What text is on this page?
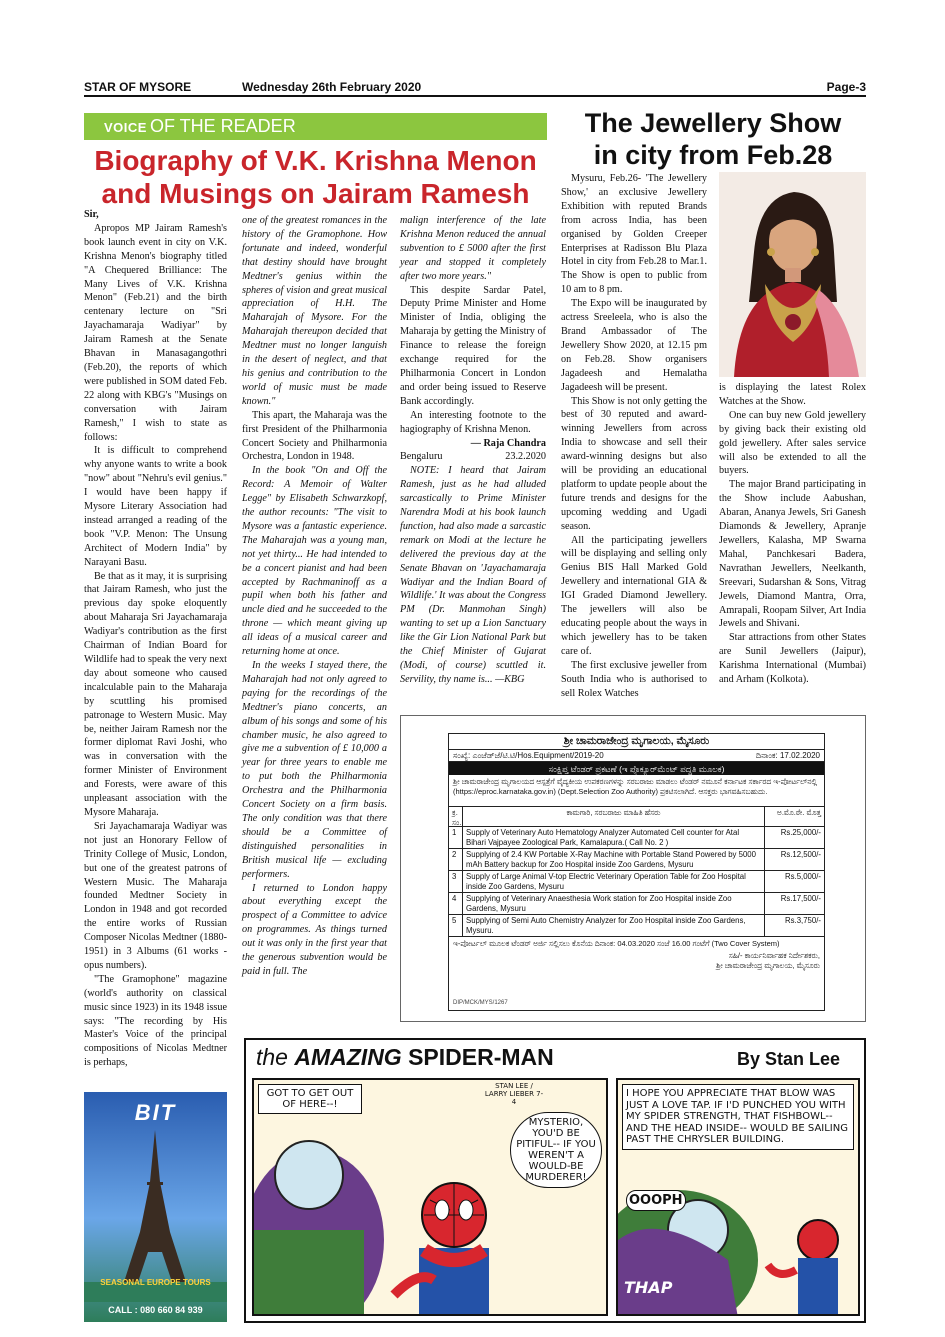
STAR OF MYSORE	Wednesday 26th February 2020	Page-3
VOICE OF THE READER
Biography of V.K. Krishna Menon
and Musings on Jairam Ramesh

Sir,

Apropos MP Jairam Ramesh's book launch event in city on V.K. Krishna Menon's biography titled "A Chequered Brilliance: The Many Lives of V.K. Krishna Menon" (Feb.21) and the birth centenary lecture on "Sri Jayachamaraja Wadiyar" by Jairam Ramesh at the Senate Bhavan in Manasagangothri (Feb.20), the reports of which were published in SOM dated Feb. 22 along with KBG's "Musings on conversation with Jairam Ramesh," I wish to state as follows:

It is difficult to comprehend why anyone wants to write a book "now" about "Nehru's evil genius." I would have been happy if Mysore Literary Association had instead arranged a reading of the book "V.P. Menon: The Unsung Architect of Modern India" by Narayani Basu.

Be that as it may, it is surprising that Jairam Ramesh, who just the previous day spoke eloquently about Maharaja Sri Jayachamaraja Wadiyar's contribution as the first Chairman of Indian Board for Wildlife had to speak the very next day about someone who caused incalculable pain to the Maharaja by scuttling his promised patronage to Western Music. May be, neither Jairam Ramesh nor the former diplomat Ravi Joshi, who was in conversation with the former Minister of Environment and Forests, were aware of this unpleasant association with the Mysore Maharaja.

Sri Jayachamaraja Wadiyar was not just an Honorary Fellow of Trinity College of Music, London, but one of the greatest patrons of Western Music. The Maharaja founded Medtner Society in London in 1948 and got recorded the entire works of Russian Composer Nicolas Medtner (1880-1951) in 3 Albums (61 works - opus numbers).

"The Gramophone" magazine (world's authority on classical music since 1923) in its 1948 issue says: "The recording by His Master's Voice of the principal compositions of Nicolas Medtner is perhaps,

one of the greatest romances in the history of the Gramophone. How fortunate and indeed, wonderful that destiny should have brought Medtner's genius within the spheres of vision and great musical appreciation of H.H. The Maharajah of Mysore. For the Maharajah thereupon decided that Medtner must no longer languish in the desert of neglect, and that his genius and contribution to the world of music must be made known."

This apart, the Maharaja was the first President of the Philharmonia Concert Society and Philharmonia Orchestra, London in 1948.

In the book "On and Off the Record: A Memoir of Walter Legge" by Elisabeth Schwarzkopf, the author recounts: "The visit to Mysore was a fantastic experience. The Maharajah was a young man, not yet thirty... He had intended to be a concert pianist and had been accepted by Rachmaninoff as a pupil when both his father and uncle died and he succeeded to the throne — which meant giving up all ideas of a musical career and returning home at once.

In the weeks I stayed there, the Maharajah had not only agreed to paying for the recordings of the Medtner's piano concerts, an album of his songs and some of his chamber music, he also agreed to give me a subvention of £ 10,000 a year for three years to enable me to put both the Philharmonia Orchestra and the Philharmonia Concert Society on a firm basis. The only condition was that there should be a Committee of distinguished personalities in British musical life — excluding performers.

I returned to London happy about everything except the prospect of a Committee to advice on programmes. As things turned out it was only in the first year that the generous subvention would be paid in full. The

malign interference of the late Krishna Menon reduced the annual subvention to £ 5000 after the first year and stopped it completely after two more years."

This despite Sardar Patel, Deputy Prime Minister and Home Minister of India, obliging the Maharaja by getting the Ministry of Finance to release the foreign exchange required for the Philharmonia Concert in London and order being issued to Reserve Bank accordingly.

An interesting footnote to the hagiography of Krishna Menon.

— Raja Chandra

Bengaluru	23.2.2020

NOTE: I heard that Jairam Ramesh, just as he had alluded sarcastically to Prime Minister Narendra Modi at his book launch function, had also made a sarcastic remark on Modi at the lecture he delivered the previous day at the Senate Bhavan on 'Jayachamaraja Wadiyar and the Indian Board of Wildlife.' It was about the Congress PM (Dr. Manmohan Singh) wanting to set up a Lion Sanctuary like the Gir Lion National Park but the Chief Minister of Gujarat (Modi, of course) scuttled it. Servility, thy name is... —KBG

The Jewellery Show
in city from Feb.28

Mysuru, Feb.26- 'The Jewellery Show,' an exclusive Jewellery Exhibition with reputed Brands from across India, has been organised by Golden Creeper Enterprises at Radisson Blu Plaza Hotel in city from Feb.28 to Mar.1. The Show is open to public from 10 am to 8 pm.

The Expo will be inaugurated by actress Sreeleela, who is also the Brand Ambassador of The Jewellery Show 2020, at 12.15 pm on Feb.28. Show organisers Jagadeesh and Hemalatha Jagadeesh will be present.

This Show is not only getting the best of 30 reputed and award-winning Jewellers from across India to showcase and sell their award-winning designs but also will be providing an educational platform to update people about the future trends and designs for the upcoming wedding and Ugadi season.

All the participating jewellers will be displaying and selling only Genius BIS Hall Marked Gold Jewellery and international GIA & IGI Graded Diamond Jewellery. The jewellers will also be educating people about the ways in which jewellery has to be taken care of.

The first exclusive jeweller from South India who is authorised to sell Rolex Watches

is displaying the latest Rolex Watches at the Show.

One can buy new Gold jewellery by giving back their existing old gold jewellery. After sales service will also be extended to all the buyers.

The major Brand participating in the Show include Aabushan, Abaran, Ananya Jewels, Sri Ganesh Diamonds & Jewellery, Apranje Jewellers, Kalasha, MP Swarna Mahal, Panchkesari Badera, Navrathan Jewellers, Neelkanth, Sreevari, Sudarshan & Sons, Vitrag Jewels, Diamond Mantra, Orra, Amrapali, Roopam Silver, Art India Jewels and Shivani.

Star attractions from other States are Sunil Jewellers (Jaipur), Karishma International (Mumbai) and Arham (Kolkota).

ಶ್ರೀ ಚಾಮರಾಜೇಂದ್ರ ಮೃಗಾಲಯ, ಮೈಸೂರು
ಸಂಖ್ಯೆ: ಎಂಜೆಡ್‌ಜೆ/ಟಿ.ಟಿ/Hos.Equipment/2019-20	ದಿನಾಂಕ: 17.02.2020
ಸಂಕ್ಷಿಪ್ತ ಟೆಂಡರ್ ಪ್ರಕಟಣೆ (ಇ ಪ್ರೊಕ್ಯೂರ್‌ಮೆಂಟ್ ಪದ್ಧತಿ ಮೂಲಕ)
ಶ್ರೀ ಚಾಮರಾಜೇಂದ್ರ ಮೃಗಾಲಯದ ಆಸ್ಪತ್ರೆಗೆ ವೈದ್ಯಕೀಯ ಉಪಕರಣಗಳನ್ನು ಸರಬರಾಜು ಮಾಡಲು ಟೆಂಡರ್ ನಮೂನೆ ಕರ್ನಾಟಕ ಸರ್ಕಾರದ ಇ-ಪೋರ್ಟಲ್‌ನಲ್ಲಿ (https://eproc.karnataka.gov.in) (Dept.Selection Zoo Authority) ಪ್ರಕಟಿಸಲಾಗಿದೆ. ಆಸಕ್ತರು ಭಾಗವಹಿಸಬಹುದು.
ಕ್ರ. ಸಂ.
ಕಾಮಗಾರಿ, ಸರಬರಾಜು ಮಾಹಿತಿ ಹೆಸರು	ಅ.ಮೊ.ಠೇ. ಮೊತ್ತ
1	Supply of Veterinary Auto Hematology Analyzer Automated Cell counter for Atal Bihari Vajpayee Zoological Park, Kamalapura.( Call No. 2 )
Rs.25,000/-
2	Supplying of 2.4 KW Portable X-Ray Machine with Portable Stand Powered by 5000 mAh Battery backup for Zoo Hospital inside Zoo Gardens, Mysuru
Rs.12,500/-
3	Supply of Large Animal V-top Electric Veterinary Operation Table for Zoo Hospital inside Zoo Gardens, Mysuru
Rs.5,000/-
4	Supplying of Veterinary Anaesthesia Work station for Zoo Hospital inside Zoo Gardens, Mysuru
Rs.17,500/-
5	Supplying of Semi Auto Chemistry Analyzer for Zoo Hospital inside Zoo Gardens, Mysuru.
Rs.3,750/-
ಇ-ಪೋರ್ಟಲ್ ಮೂಲಕ ಟೆಂಡರ್ ಅರ್ಜಿ ಸಲ್ಲಿಸಲು ಕೊನೆಯ ದಿನಾಂಕ: 04.03.2020 ಸಂಜೆ 16.00 ಗಂಟೆಗೆ (Two Cover System)
ಸಹಿ/- ಕಾರ್ಯನಿರ್ವಾಹಕ ನಿರ್ದೇಶಕರು,
ಶ್ರೀ ಚಾಮರಾಜೇಂದ್ರ ಮೃಗಾಲಯ, ಮೈಸೂರು
DIP/MCK/MYS/1267
the AMAZING SPIDER-MAN	By Stan Lee
GOT TO GET OUT OF HERE--!
STAN LEE / LARRY LIEBER 7-4
MYSTERIO, YOU'D BE PITIFUL-- IF YOU WEREN'T A WOULD-BE MURDERER!
I HOPE YOU APPRECIATE THAT BLOW WAS JUST A LOVE TAP. IF I'D PUNCHED YOU WITH MY SPIDER STRENGTH, THAT FISHBOWL-- AND THE HEAD INSIDE-- WOULD BE SAILING PAST THE CHRYSLER BUILDING.
OOOPH
THAP
BIT
SEASONAL EUROPE TOURS
CALL : 080 660 84 939
